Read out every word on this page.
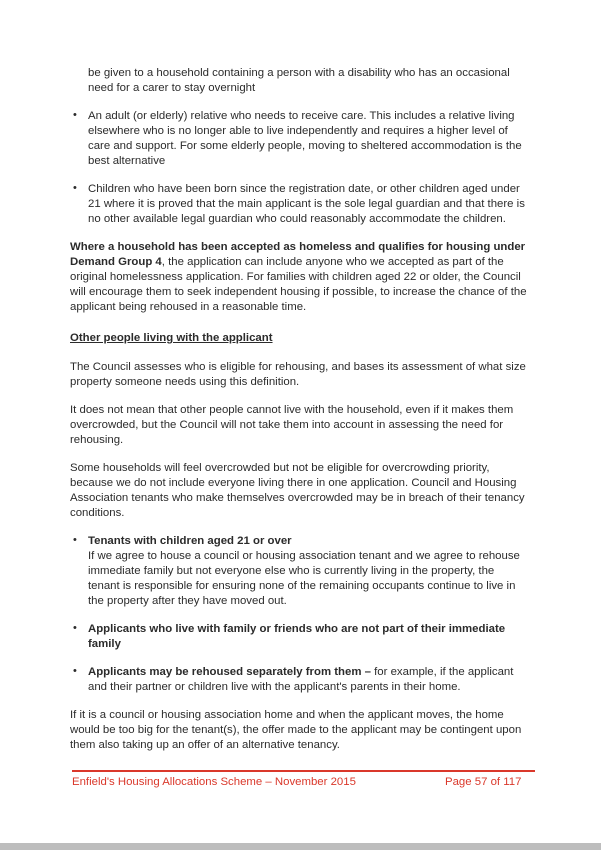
be given to a household containing a person with a disability who has an occasional need for a carer to stay overnight
• An adult (or elderly) relative who needs to receive care. This includes a relative living elsewhere who is no longer able to live independently and requires a higher level of care and support. For some elderly people, moving to sheltered accommodation is the best alternative
• Children who have been born since the registration date, or other children aged under 21 where it is proved that the main applicant is the sole legal guardian and that there is no other available legal guardian who could reasonably accommodate the children.
Where a household has been accepted as homeless and qualifies for housing under Demand Group 4, the application can include anyone who we accepted as part of the original homelessness application. For families with children aged 22 or older, the Council will encourage them to seek independent housing if possible, to increase the chance of the applicant being rehoused in a reasonable time.
Other people living with the applicant
The Council assesses who is eligible for rehousing, and bases its assessment of what size property someone needs using this definition.
It does not mean that other people cannot live with the household, even if it makes them overcrowded, but the Council will not take them into account in assessing the need for rehousing.
Some households will feel overcrowded but not be eligible for overcrowding priority, because we do not include everyone living there in one application. Council and Housing Association tenants who make themselves overcrowded may be in breach of their tenancy conditions.
• Tenants with children aged 21 or over
If we agree to house a council or housing association tenant and we agree to rehouse immediate family but not everyone else who is currently living in the property, the tenant is responsible for ensuring none of the remaining occupants continue to live in the property after they have moved out.
• Applicants who live with family or friends who are not part of their immediate family
• Applicants may be rehoused separately from them – for example, if the applicant and their partner or children live with the applicant's parents in their home.
If it is a council or housing association home and when the applicant moves, the home would be too big for the tenant(s), the offer made to the applicant may be contingent upon them also taking up an offer of an alternative tenancy.
Enfield's Housing Allocations Scheme – November 2015	Page 57 of 117
